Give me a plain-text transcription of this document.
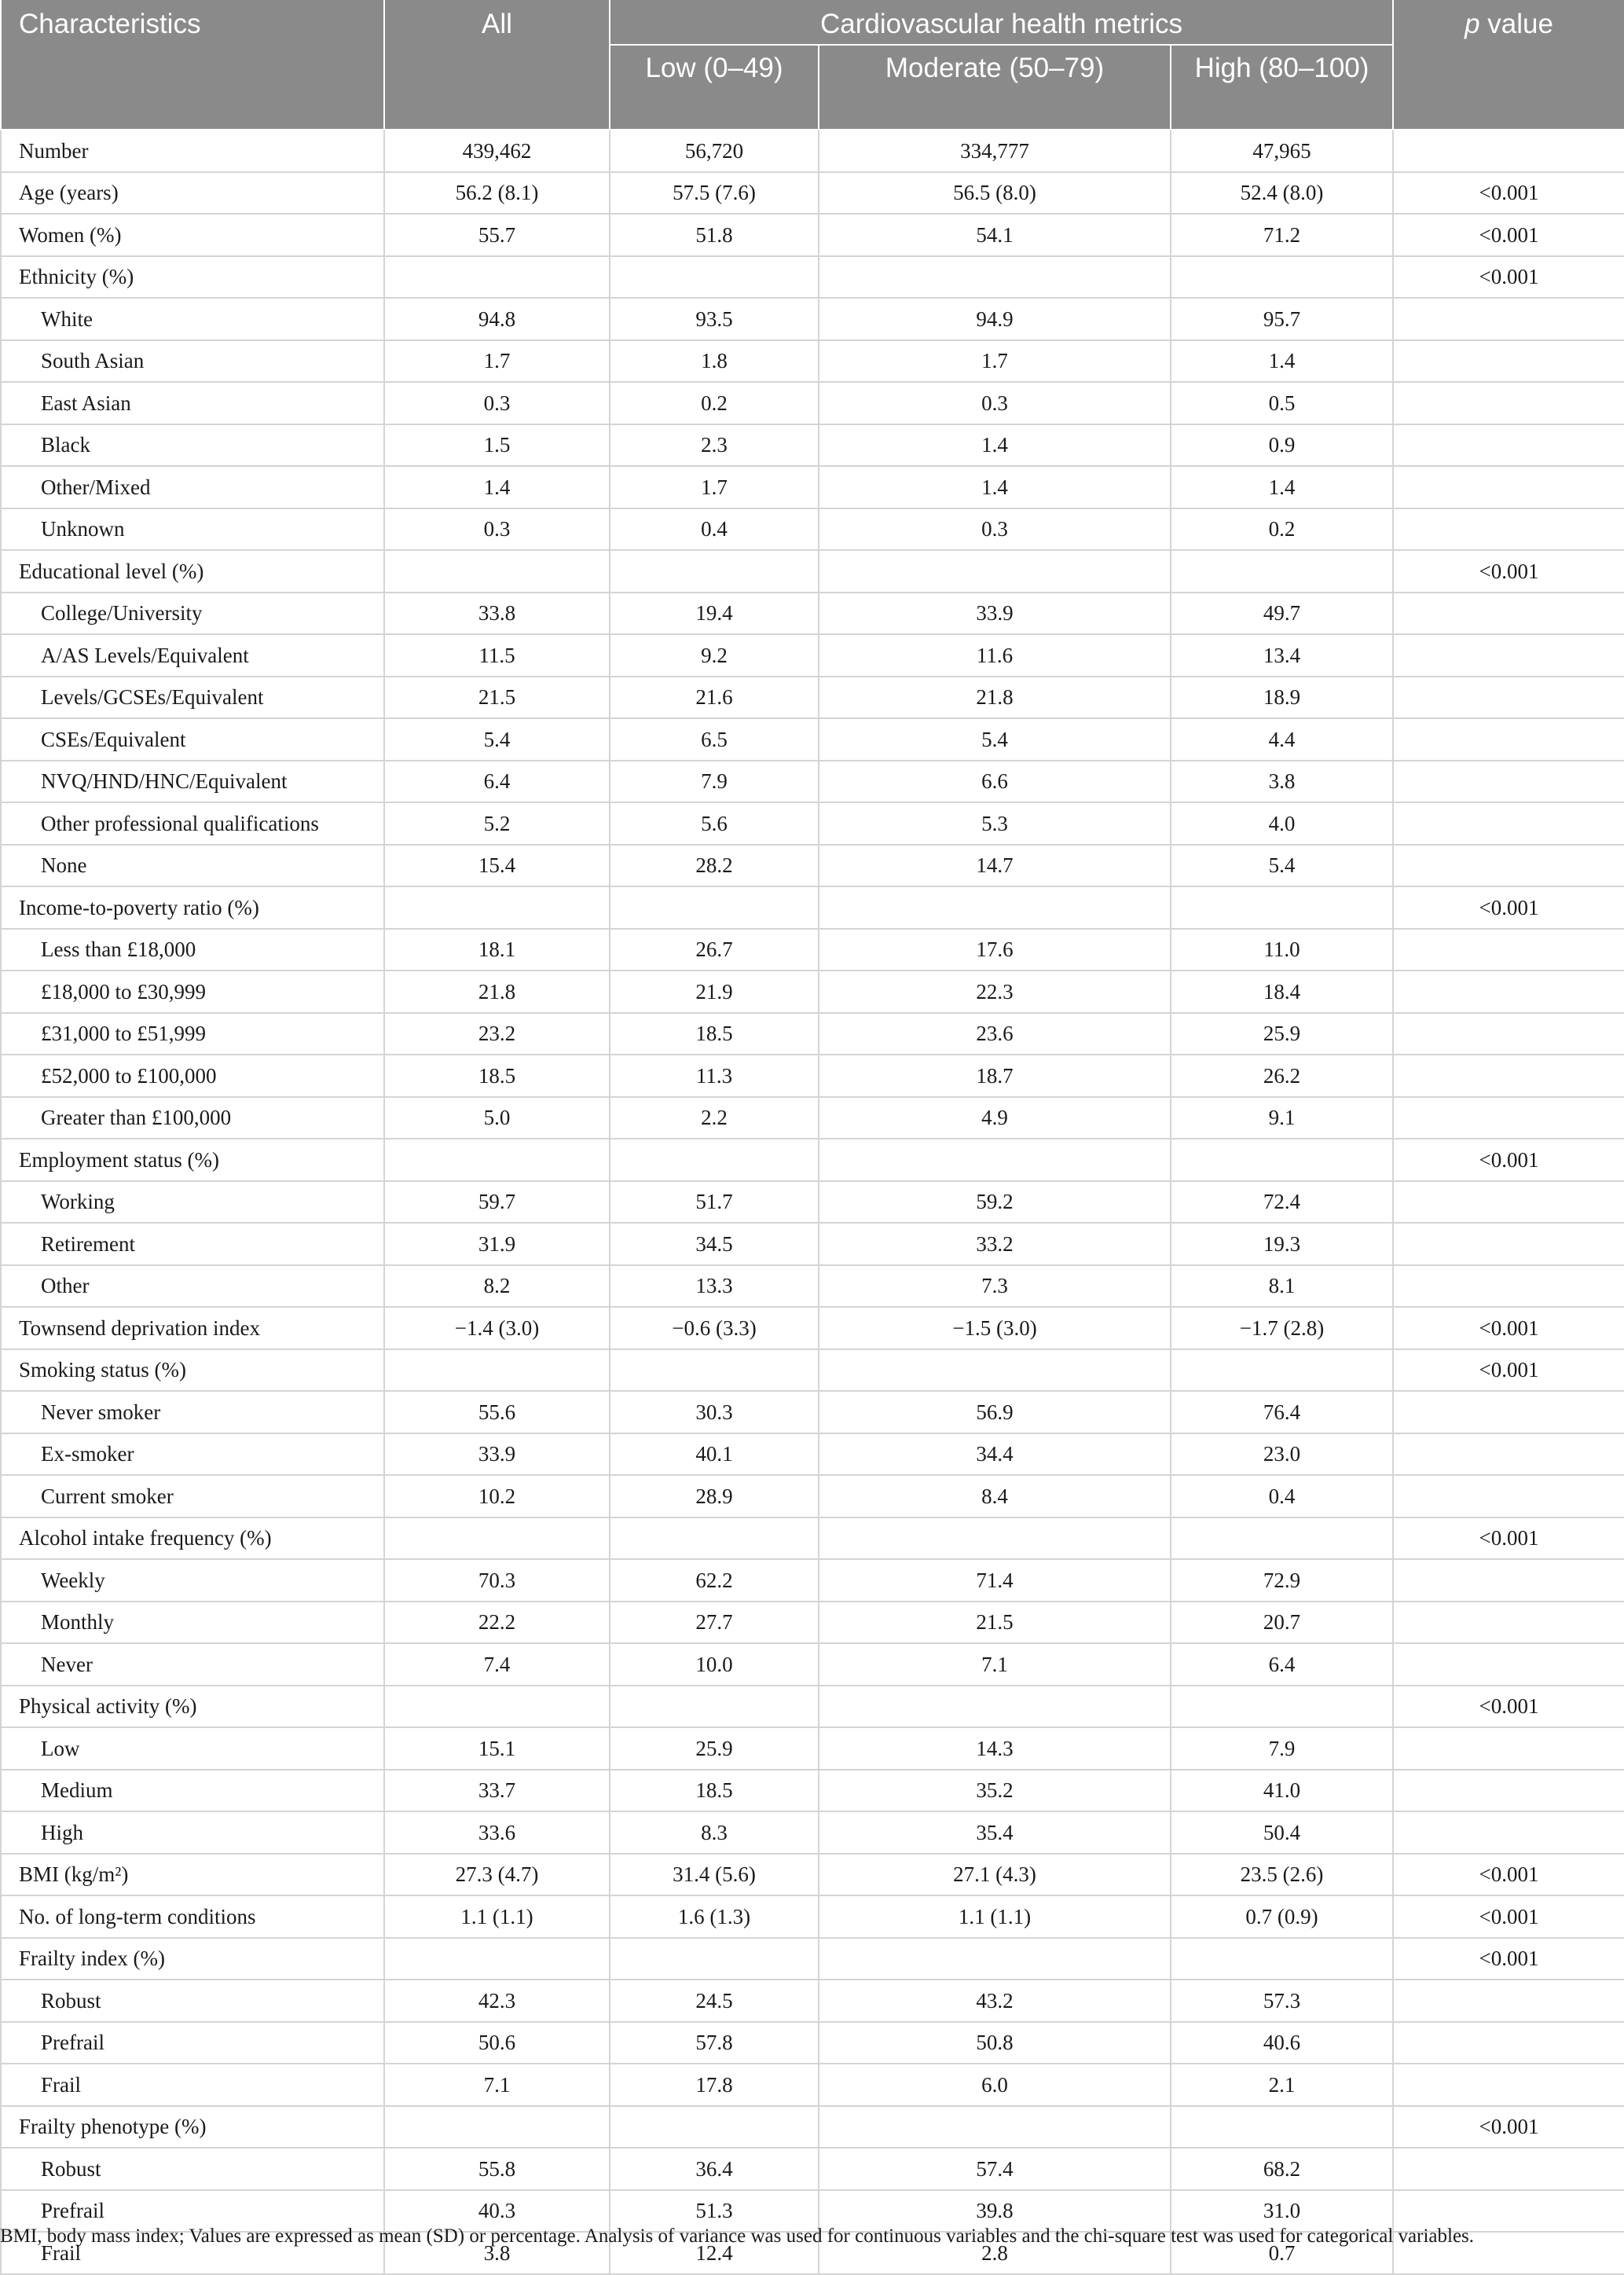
Characteristics	All	Cardiovascular health metrics			p value
		Low (0–49)	Moderate (50–79)	High (80–100)	
Number	439,462	56,720	334,777	47,965	
Age (years)	56.2 (8.1)	57.5 (7.6)	56.5 (8.0)	52.4 (8.0)	<0.001
Women (%)	55.7	51.8	54.1	71.2	<0.001
Ethnicity (%)					<0.001
White	94.8	93.5	94.9	95.7	
South Asian	1.7	1.8	1.7	1.4	
East Asian	0.3	0.2	0.3	0.5	
Black	1.5	2.3	1.4	0.9	
Other/Mixed	1.4	1.7	1.4	1.4	
Unknown	0.3	0.4	0.3	0.2	
Educational level (%)					<0.001
College/University	33.8	19.4	33.9	49.7	
A/AS Levels/Equivalent	11.5	9.2	11.6	13.4	
Levels/GCSEs/Equivalent	21.5	21.6	21.8	18.9	
CSEs/Equivalent	5.4	6.5	5.4	4.4	
NVQ/HND/HNC/Equivalent	6.4	7.9	6.6	3.8	
Other professional qualifications	5.2	5.6	5.3	4.0	
None	15.4	28.2	14.7	5.4	
Income-to-poverty ratio (%)					<0.001
Less than £18,000	18.1	26.7	17.6	11.0	
£18,000 to £30,999	21.8	21.9	22.3	18.4	
£31,000 to £51,999	23.2	18.5	23.6	25.9	
£52,000 to £100,000	18.5	11.3	18.7	26.2	
Greater than £100,000	5.0	2.2	4.9	9.1	
Employment status (%)					<0.001
Working	59.7	51.7	59.2	72.4	
Retirement	31.9	34.5	33.2	19.3	
Other	8.2	13.3	7.3	8.1	
Townsend deprivation index	−1.4 (3.0)	−0.6 (3.3)	−1.5 (3.0)	−1.7 (2.8)	<0.001
Smoking status (%)					<0.001
Never smoker	55.6	30.3	56.9	76.4	
Ex-smoker	33.9	40.1	34.4	23.0	
Current smoker	10.2	28.9	8.4	0.4	
Alcohol intake frequency (%)					<0.001
Weekly	70.3	62.2	71.4	72.9	
Monthly	22.2	27.7	21.5	20.7	
Never	7.4	10.0	7.1	6.4	
Physical activity (%)					<0.001
Low	15.1	25.9	14.3	7.9	
Medium	33.7	18.5	35.2	41.0	
High	33.6	8.3	35.4	50.4	
BMI (kg/m²)	27.3 (4.7)	31.4 (5.6)	27.1 (4.3)	23.5 (2.6)	<0.001
No. of long-term conditions	1.1 (1.1)	1.6 (1.3)	1.1 (1.1)	0.7 (0.9)	<0.001
Frailty index (%)					<0.001
Robust	42.3	24.5	43.2	57.3	
Prefrail	50.6	57.8	50.8	40.6	
Frail	7.1	17.8	6.0	2.1	
Frailty phenotype (%)					<0.001
Robust	55.8	36.4	57.4	68.2	
Prefrail	40.3	51.3	39.8	31.0	
Frail	3.8	12.4	2.8	0.7	
BMI, body mass index; Values are expressed as mean (SD) or percentage. Analysis of variance was used for continuous variables and the chi-square test was used for categorical variables.
